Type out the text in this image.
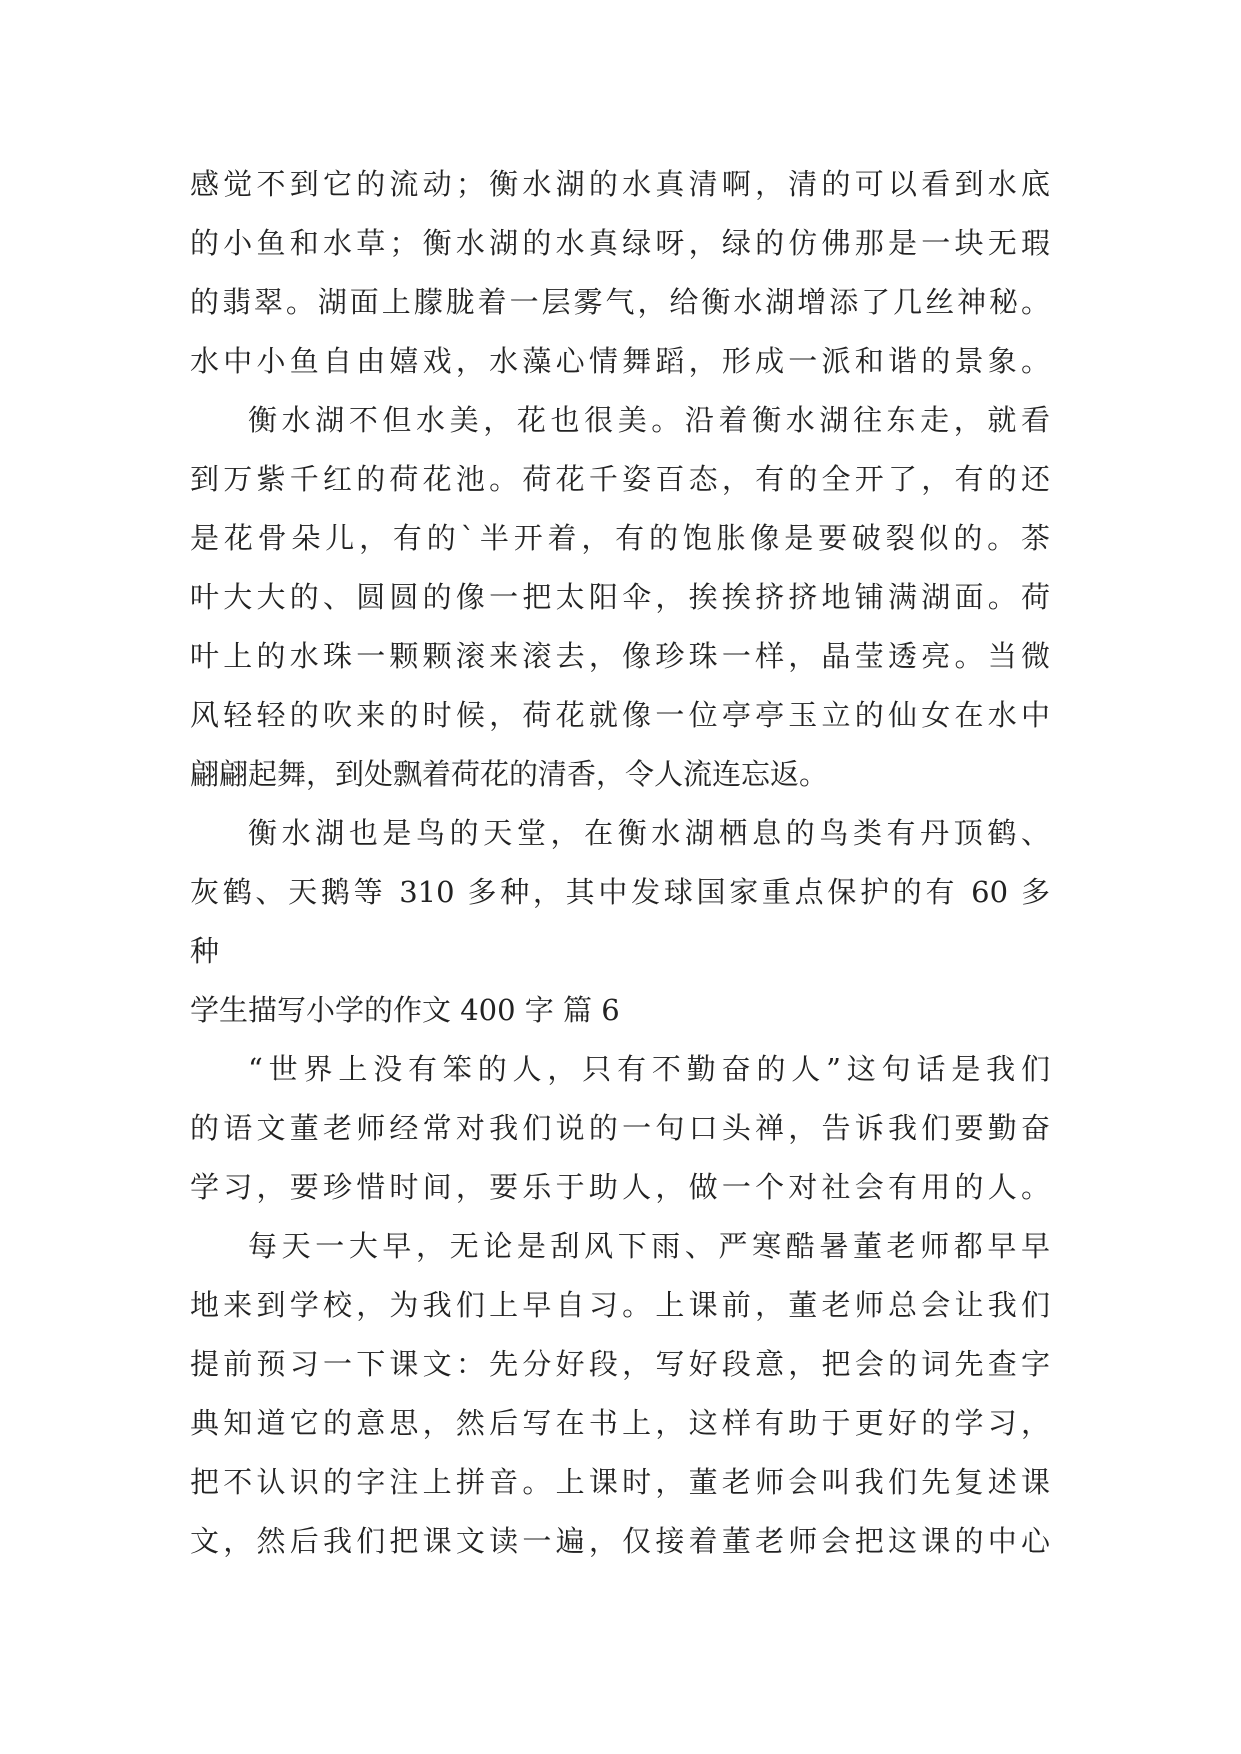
感觉不到它的流动；衡水湖的水真清啊，清的可以看到水底
的小鱼和水草；衡水湖的水真绿呀，绿的仿佛那是一块无瑕
的翡翠。湖面上朦胧着一层雾气，给衡水湖增添了几丝神秘。
水中小鱼自由嬉戏，水藻心情舞蹈，形成一派和谐的景象。
衡水湖不但水美，花也很美。沿着衡水湖往东走，就看
到万紫千红的荷花池。荷花千姿百态，有的全开了，有的还
是花骨朵儿，有的`半开着，有的饱胀像是要破裂似的。茶
叶大大的、圆圆的像一把太阳伞，挨挨挤挤地铺满湖面。荷
叶上的水珠一颗颗滚来滚去，像珍珠一样，晶莹透亮。当微
风轻轻的吹来的时候，荷花就像一位亭亭玉立的仙女在水中
翩翩起舞，到处飘着荷花的清香，令人流连忘返。
衡水湖也是鸟的天堂，在衡水湖栖息的鸟类有丹顶鹤、
灰鹤、天鹅等 310 多种，其中发球国家重点保护的有 60 多
种
学生描写小学的作文 400 字 篇 6
“世界上没有笨的人，只有不勤奋的人”这句话是我们
的语文董老师经常对我们说的一句口头禅，告诉我们要勤奋
学习，要珍惜时间，要乐于助人，做一个对社会有用的人。
每天一大早，无论是刮风下雨、严寒酷暑董老师都早早
地来到学校，为我们上早自习。上课前，董老师总会让我们
提前预习一下课文：先分好段，写好段意，把会的词先查字
典知道它的意思，然后写在书上，这样有助于更好的学习，
把不认识的字注上拼音。上课时，董老师会叫我们先复述课
文，然后我们把课文读一遍，仅接着董老师会把这课的中心
